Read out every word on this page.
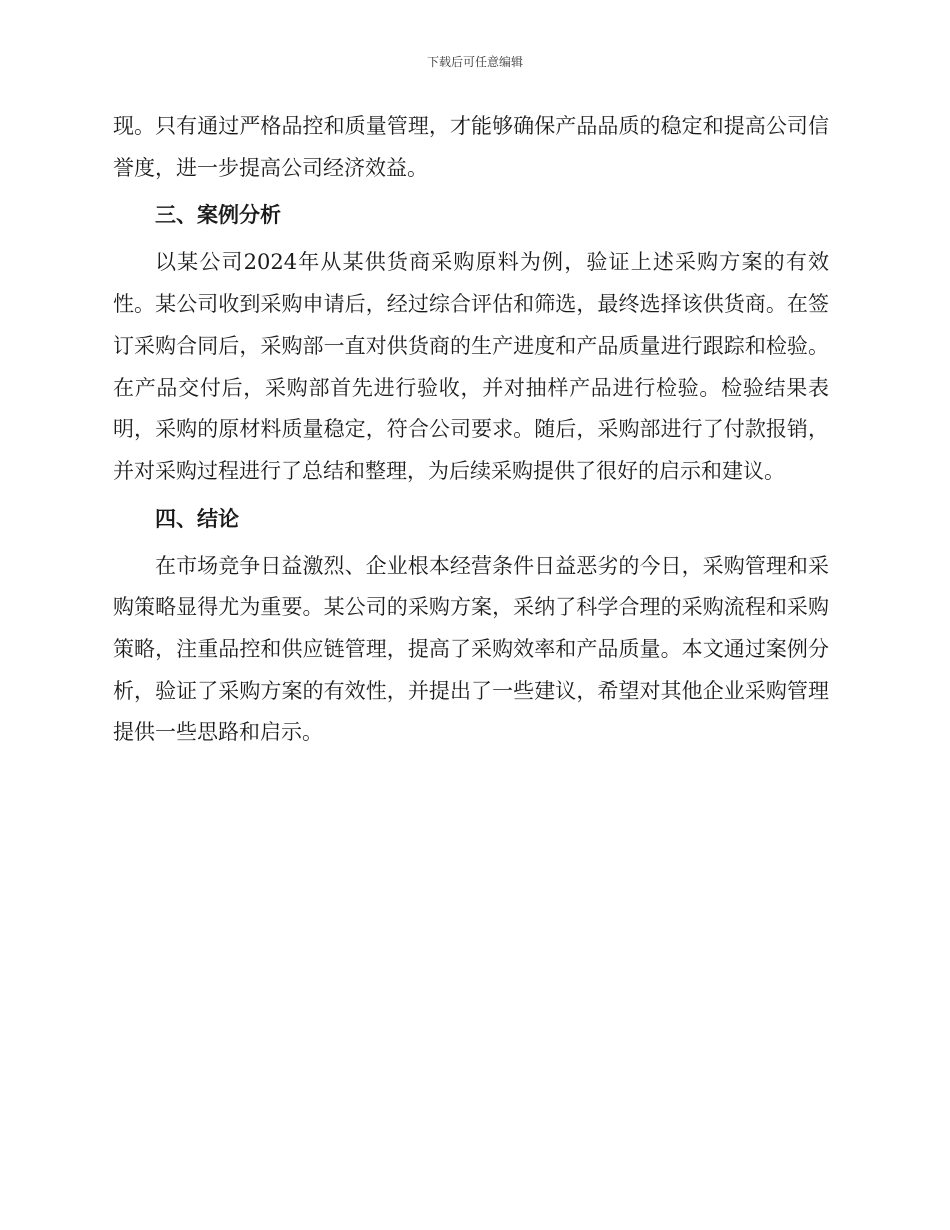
下载后可任意编辑

现。只有通过严格品控和质量管理，才能够确保产品品质的稳定和提高公司信誉度，进一步提高公司经济效益。

三、案例分析

以某公司2024年从某供货商采购原料为例，验证上述采购方案的有效性。某公司收到采购申请后，经过综合评估和筛选，最终选择该供货商。在签订采购合同后，采购部一直对供货商的生产进度和产品质量进行跟踪和检验。在产品交付后，采购部首先进行验收，并对抽样产品进行检验。检验结果表明，采购的原材料质量稳定，符合公司要求。随后，采购部进行了付款报销，并对采购过程进行了总结和整理，为后续采购提供了很好的启示和建议。

四、结论

在市场竞争日益激烈、企业根本经营条件日益恶劣的今日，采购管理和采购策略显得尤为重要。某公司的采购方案，采纳了科学合理的采购流程和采购策略，注重品控和供应链管理，提高了采购效率和产品质量。本文通过案例分析，验证了采购方案的有效性，并提出了一些建议，希望对其他企业采购管理提供一些思路和启示。
